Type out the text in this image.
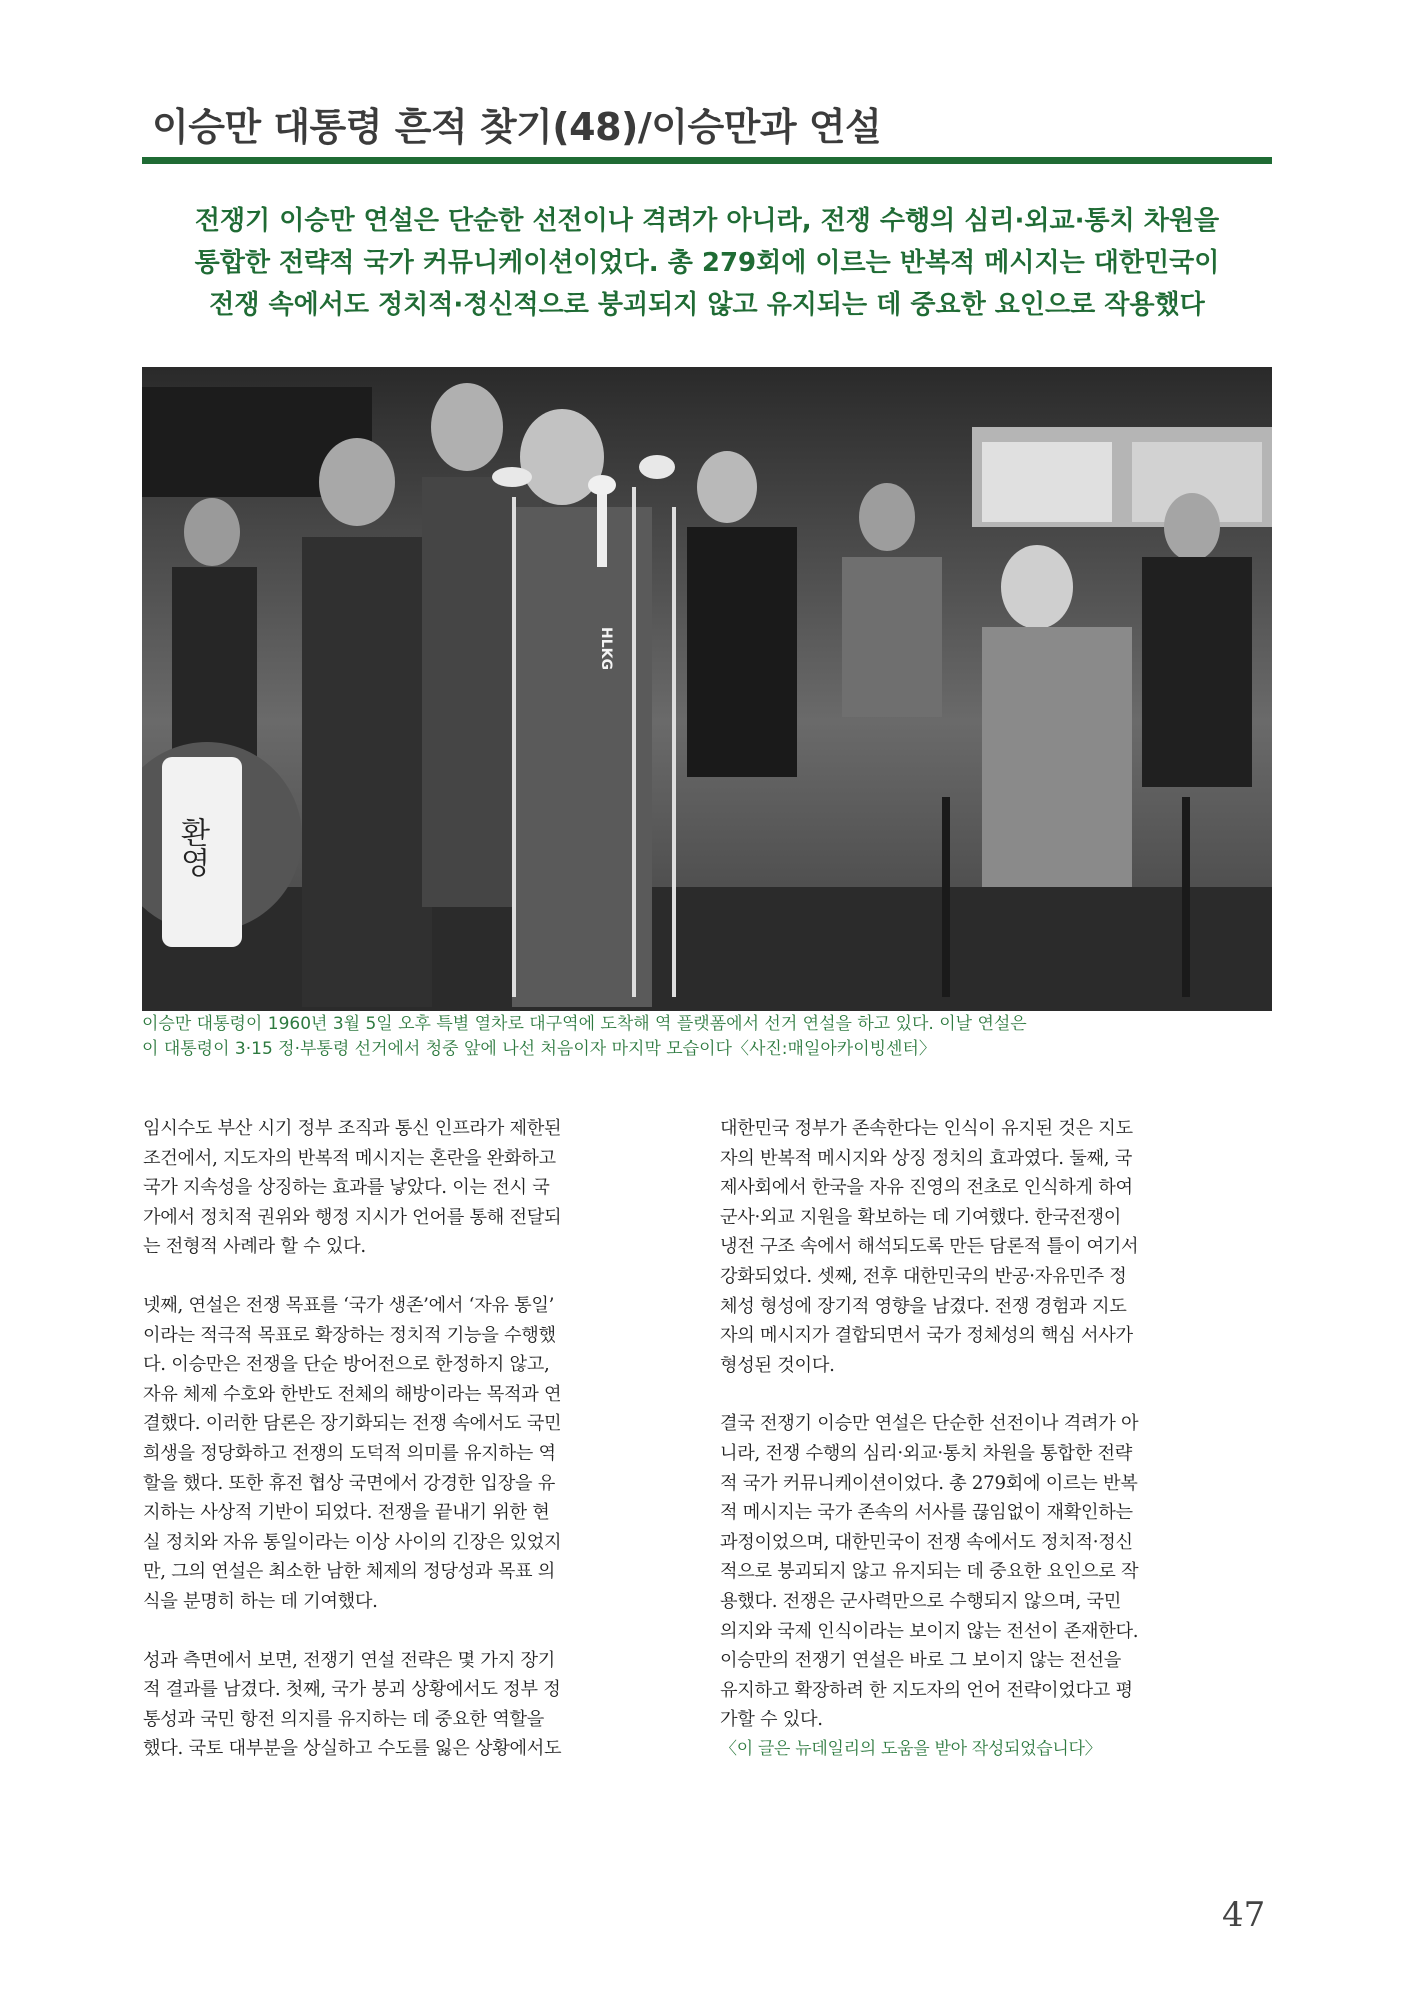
이승만 대통령 흔적 찾기(48)/이승만과 연설
전쟁기 이승만 연설은 단순한 선전이나 격려가 아니라, 전쟁 수행의 심리·외교·통치 차원을
통합한 전략적 국가 커뮤니케이션이었다. 총 279회에 이르는 반복적 메시지는 대한민국이
전쟁 속에서도 정치적·정신적으로 붕괴되지 않고 유지되는 데 중요한 요인으로 작용했다
HLKG
환영
이승만 대통령이 1960년 3월 5일 오후 특별 열차로 대구역에 도착해 역 플랫폼에서 선거 연설을 하고 있다. 이날 연설은
이 대통령이 3·15 정·부통령 선거에서 청중 앞에 나선 처음이자 마지막 모습이다〈사진:매일아카이빙센터〉
임시수도 부산 시기 정부 조직과 통신 인프라가 제한된
조건에서, 지도자의 반복적 메시지는 혼란을 완화하고
국가 지속성을 상징하는 효과를 낳았다. 이는 전시 국
가에서 정치적 권위와 행정 지시가 언어를 통해 전달되
는 전형적 사례라 할 수 있다.
넷째, 연설은 전쟁 목표를 ‘국가 생존’에서 ‘자유 통일’
이라는 적극적 목표로 확장하는 정치적 기능을 수행했
다. 이승만은 전쟁을 단순 방어전으로 한정하지 않고,
자유 체제 수호와 한반도 전체의 해방이라는 목적과 연
결했다. 이러한 담론은 장기화되는 전쟁 속에서도 국민
희생을 정당화하고 전쟁의 도덕적 의미를 유지하는 역
할을 했다. 또한 휴전 협상 국면에서 강경한 입장을 유
지하는 사상적 기반이 되었다. 전쟁을 끝내기 위한 현
실 정치와 자유 통일이라는 이상 사이의 긴장은 있었지
만, 그의 연설은 최소한 남한 체제의 정당성과 목표 의
식을 분명히 하는 데 기여했다.
성과 측면에서 보면, 전쟁기 연설 전략은 몇 가지 장기
적 결과를 남겼다. 첫째, 국가 붕괴 상황에서도 정부 정
통성과 국민 항전 의지를 유지하는 데 중요한 역할을
했다. 국토 대부분을 상실하고 수도를 잃은 상황에서도
대한민국 정부가 존속한다는 인식이 유지된 것은 지도
자의 반복적 메시지와 상징 정치의 효과였다. 둘째, 국
제사회에서 한국을 자유 진영의 전초로 인식하게 하여
군사·외교 지원을 확보하는 데 기여했다. 한국전쟁이
냉전 구조 속에서 해석되도록 만든 담론적 틀이 여기서
강화되었다. 셋째, 전후 대한민국의 반공·자유민주 정
체성 형성에 장기적 영향을 남겼다. 전쟁 경험과 지도
자의 메시지가 결합되면서 국가 정체성의 핵심 서사가
형성된 것이다.
결국 전쟁기 이승만 연설은 단순한 선전이나 격려가 아
니라, 전쟁 수행의 심리·외교·통치 차원을 통합한 전략
적 국가 커뮤니케이션이었다. 총 279회에 이르는 반복
적 메시지는 국가 존속의 서사를 끊임없이 재확인하는
과정이었으며, 대한민국이 전쟁 속에서도 정치적·정신
적으로 붕괴되지 않고 유지되는 데 중요한 요인으로 작
용했다. 전쟁은 군사력만으로 수행되지 않으며, 국민
의지와 국제 인식이라는 보이지 않는 전선이 존재한다.
이승만의 전쟁기 연설은 바로 그 보이지 않는 전선을
유지하고 확장하려 한 지도자의 언어 전략이었다고 평
가할 수 있다.
〈이 글은 뉴데일리의 도움을 받아 작성되었습니다〉
47
